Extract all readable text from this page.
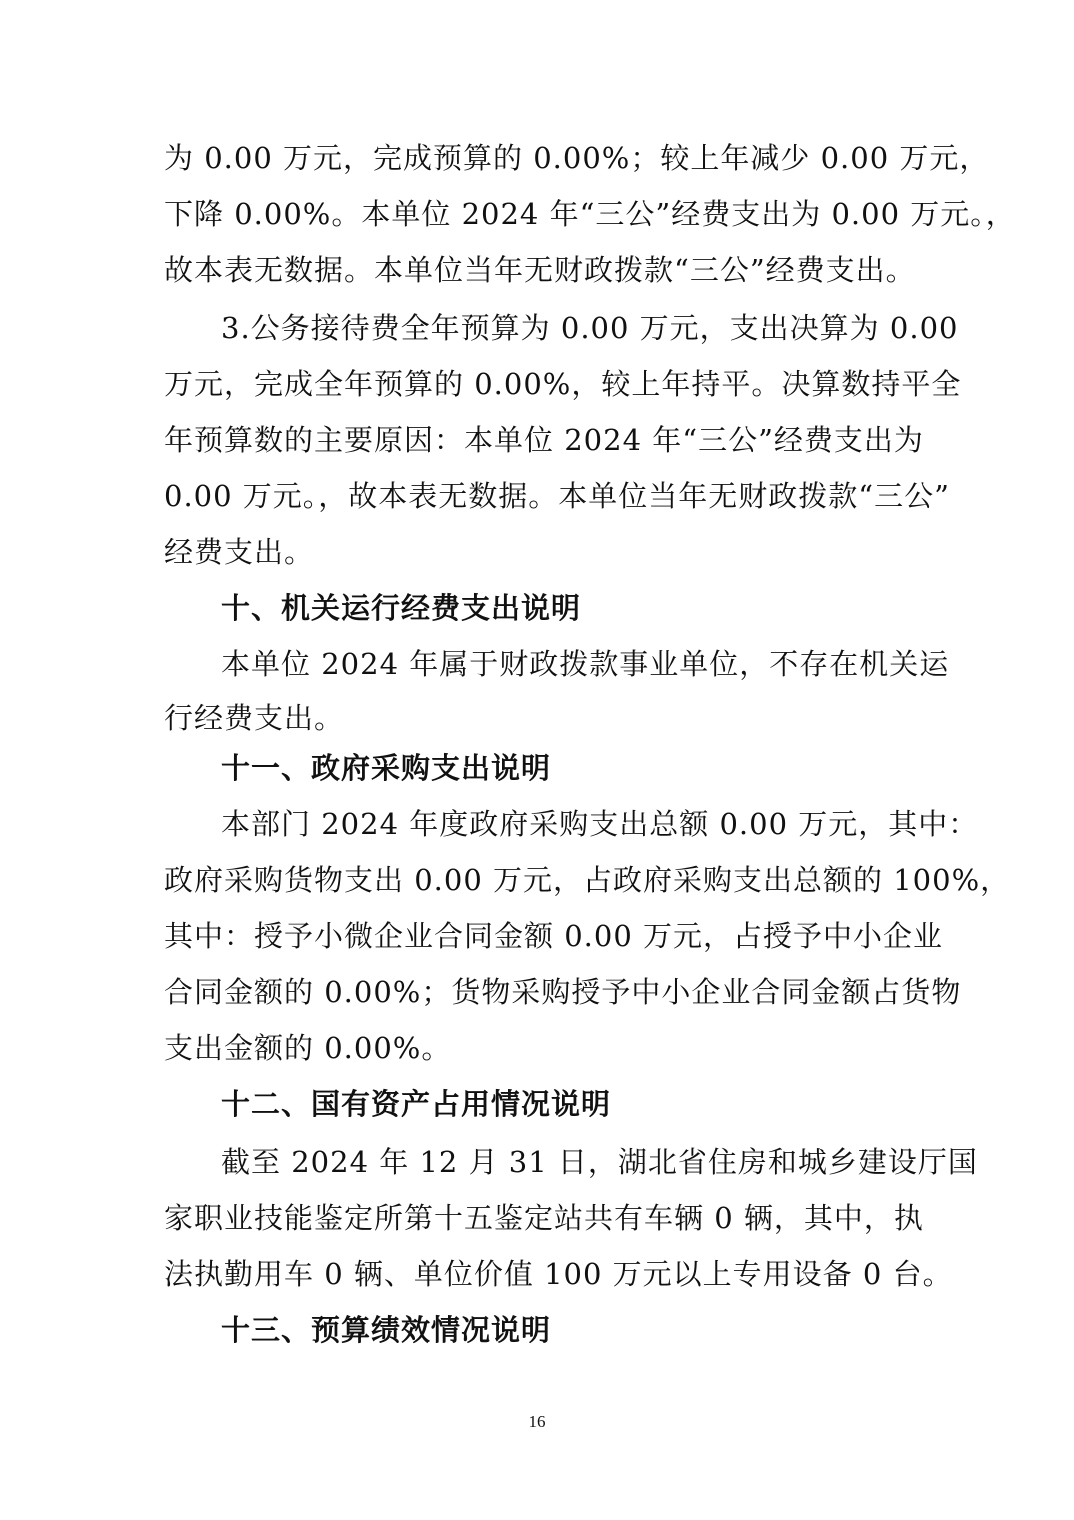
为 0.00 万元，完成预算的 0.00%；较上年减少 0.00 万元，
下降 0.00%。本单位 2024 年“三公”经费支出为 0.00 万元。，
故本表无数据。本单位当年无财政拨款“三公”经费支出。
3.公务接待费全年预算为 0.00 万元，支出决算为 0.00
万元，完成全年预算的 0.00%，较上年持平。决算数持平全
年预算数的主要原因：本单位 2024 年“三公”经费支出为
0.00 万元。，故本表无数据。本单位当年无财政拨款“三公”
经费支出。
十、机关运行经费支出说明
本单位 2024 年属于财政拨款事业单位，不存在机关运
行经费支出。
十一、政府采购支出说明
本部门 2024 年度政府采购支出总额 0.00 万元，其中：
政府采购货物支出 0.00 万元，占政府采购支出总额的 100%，
其中：授予小微企业合同金额 0.00 万元，占授予中小企业
合同金额的 0.00%；货物采购授予中小企业合同金额占货物
支出金额的 0.00%。
十二、国有资产占用情况说明
截至 2024 年 12 月 31 日，湖北省住房和城乡建设厅国
家职业技能鉴定所第十五鉴定站共有车辆 0 辆，其中，执
法执勤用车 0 辆、单位价值 100 万元以上专用设备 0 台。
十三、预算绩效情况说明
16
